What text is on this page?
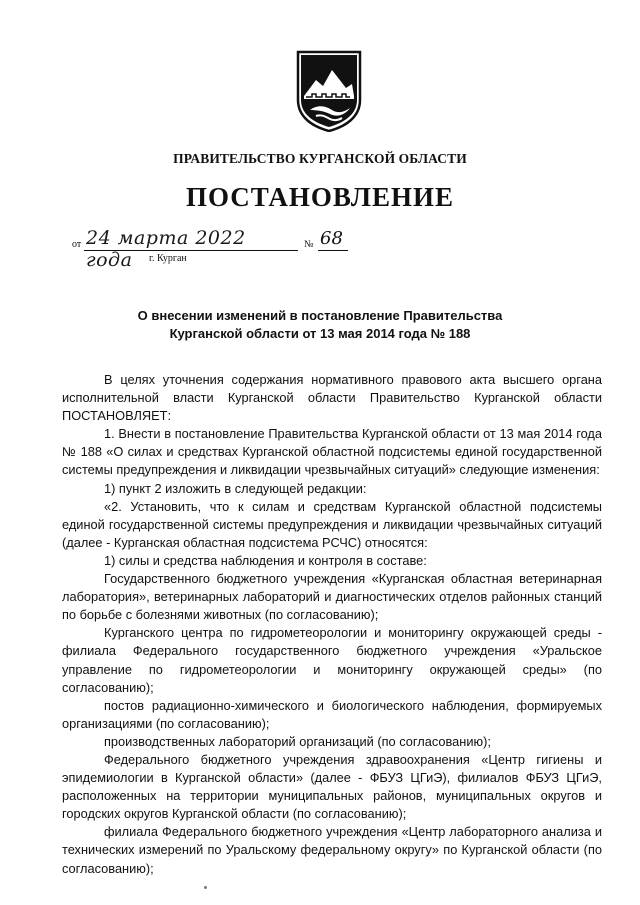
ПРАВИТЕЛЬСТВО КУРГАНСКОЙ ОБЛАСТИ
ПОСТАНОВЛЕНИЕ
от 24 марта 2022 года
№ 68
г. Курган
О внесении изменений в постановление Правительства
Курганской области от 13 мая 2014 года № 188

В целях уточнения содержания нормативного правового акта высшего органа исполнительной власти Курганской области Правительство Курганской области ПОСТАНОВЛЯЕТ:

1. Внести в постановление Правительства Курганской области от 13 мая 2014 года № 188 «О силах и средствах Курганской областной подсистемы единой государственной системы предупреждения и ликвидации чрезвычайных ситуаций» следующие изменения:

1) пункт 2 изложить в следующей редакции:

«2. Установить, что к силам и средствам Курганской областной подсистемы единой государственной системы предупреждения и ликвидации чрезвычайных ситуаций (далее - Курганская областная подсистема РСЧС) относятся:

1) силы и средства наблюдения и контроля в составе:

Государственного бюджетного учреждения «Курганская областная ветеринарная лаборатория», ветеринарных лабораторий и диагностических отделов районных станций по борьбе с болезнями животных (по согласованию);

Курганского центра по гидрометеорологии и мониторингу окружающей среды - филиала Федерального государственного бюджетного учреждения «Уральское управление по гидрометеорологии и мониторингу окружающей среды» (по согласованию);

постов радиационно-химического и биологического наблюдения, формируемых организациями (по согласованию);

производственных лабораторий организаций (по согласованию);

Федерального бюджетного учреждения здравоохранения «Центр гигиены и эпидемиологии в Курганской области» (далее - ФБУЗ ЦГиЭ), филиалов ФБУЗ ЦГиЭ, расположенных на территории муниципальных районов, муниципальных округов и городских округов Курганской области (по согласованию);

филиала Федерального бюджетного учреждения «Центр лабораторного анализа и технических измерений по Уральскому федеральному округу» по Курганской области (по согласованию);
